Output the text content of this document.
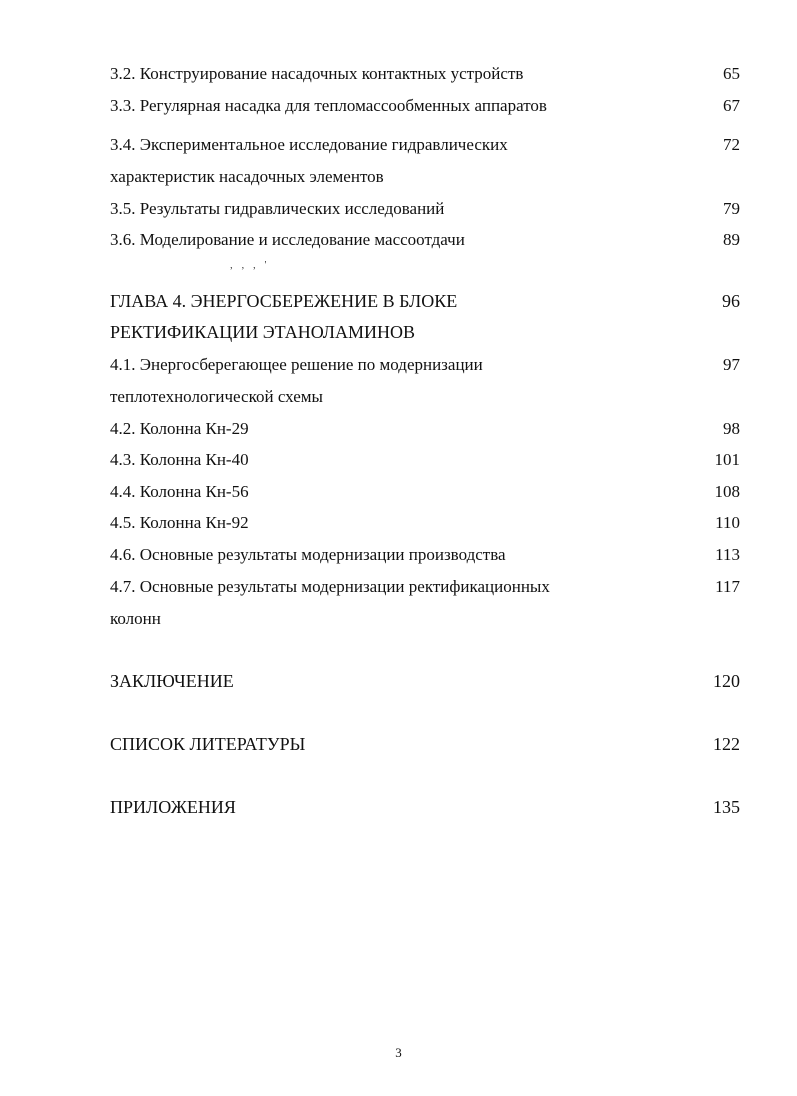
3.2. Конструирование насадочных контактных устройств	65
3.3. Регулярная насадка для тепломассообменных аппаратов	67
3.4. Экспериментальное исследование гидравлических	72
характеристик насадочных элементов
3.5. Результаты гидравлических исследований	79
3.6. Моделирование и исследование массоотдачи	89
, , , '
ГЛАВА 4. ЭНЕРГОСБЕРЕЖЕНИЕ В БЛОКЕ	96
РЕКТИФИКАЦИИ ЭТАНОЛАМИНОВ
4.1. Энергосберегающее решение по модернизации	97
теплотехнологической схемы
4.2. Колонна Кн-29	98
4.3. Колонна Кн-40	101
4.4. Колонна Кн-56	108
4.5. Колонна Кн-92	110
4.6. Основные результаты модернизации производства	113
4.7. Основные результаты модернизации ректификационных	117
колонн
ЗАКЛЮЧЕНИЕ	120
СПИСОК ЛИТЕРАТУРЫ	122
ПРИЛОЖЕНИЯ	135
3
